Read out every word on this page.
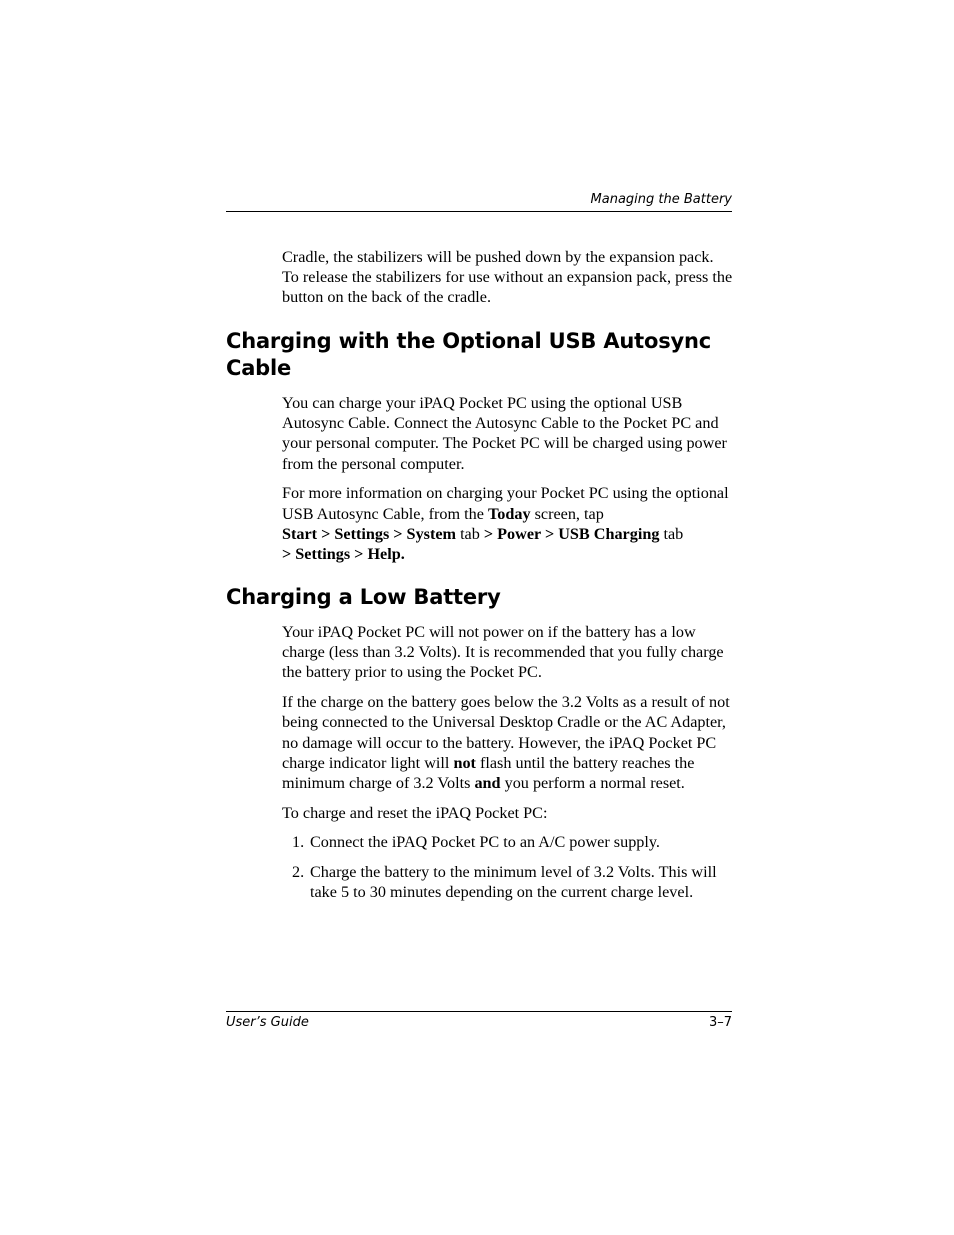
Managing the Battery

Cradle, the stabilizers will be pushed down by the expansion pack. To release the stabilizers for use without an expansion pack, press the button on the back of the cradle.

Charging with the Optional USB Autosync
Cable

You can charge your iPAQ Pocket PC using the optional USB Autosync Cable. Connect the Autosync Cable to the Pocket PC and your personal computer. The Pocket PC will be charged using power from the personal computer.

For more information on charging your Pocket PC using the optional USB Autosync Cable, from the Today screen, tap
Start > Settings > System tab > Power > USB Charging tab
> Settings > Help.

Charging a Low Battery

Your iPAQ Pocket PC will not power on if the battery has a low charge (less than 3.2 Volts). It is recommended that you fully charge the battery prior to using the Pocket PC.

If the charge on the battery goes below the 3.2 Volts as a result of not being connected to the Universal Desktop Cradle or the AC Adapter, no damage will occur to the battery. However, the iPAQ Pocket PC charge indicator light will not flash until the battery reaches the minimum charge of 3.2 Volts and you perform a normal reset.

To charge and reset the iPAQ Pocket PC:

1. Connect the iPAQ Pocket PC to an A/C power supply.
2. Charge the battery to the minimum level of 3.2 Volts. This will take 5 to 30 minutes depending on the current charge level.
User’s Guide	3–7
